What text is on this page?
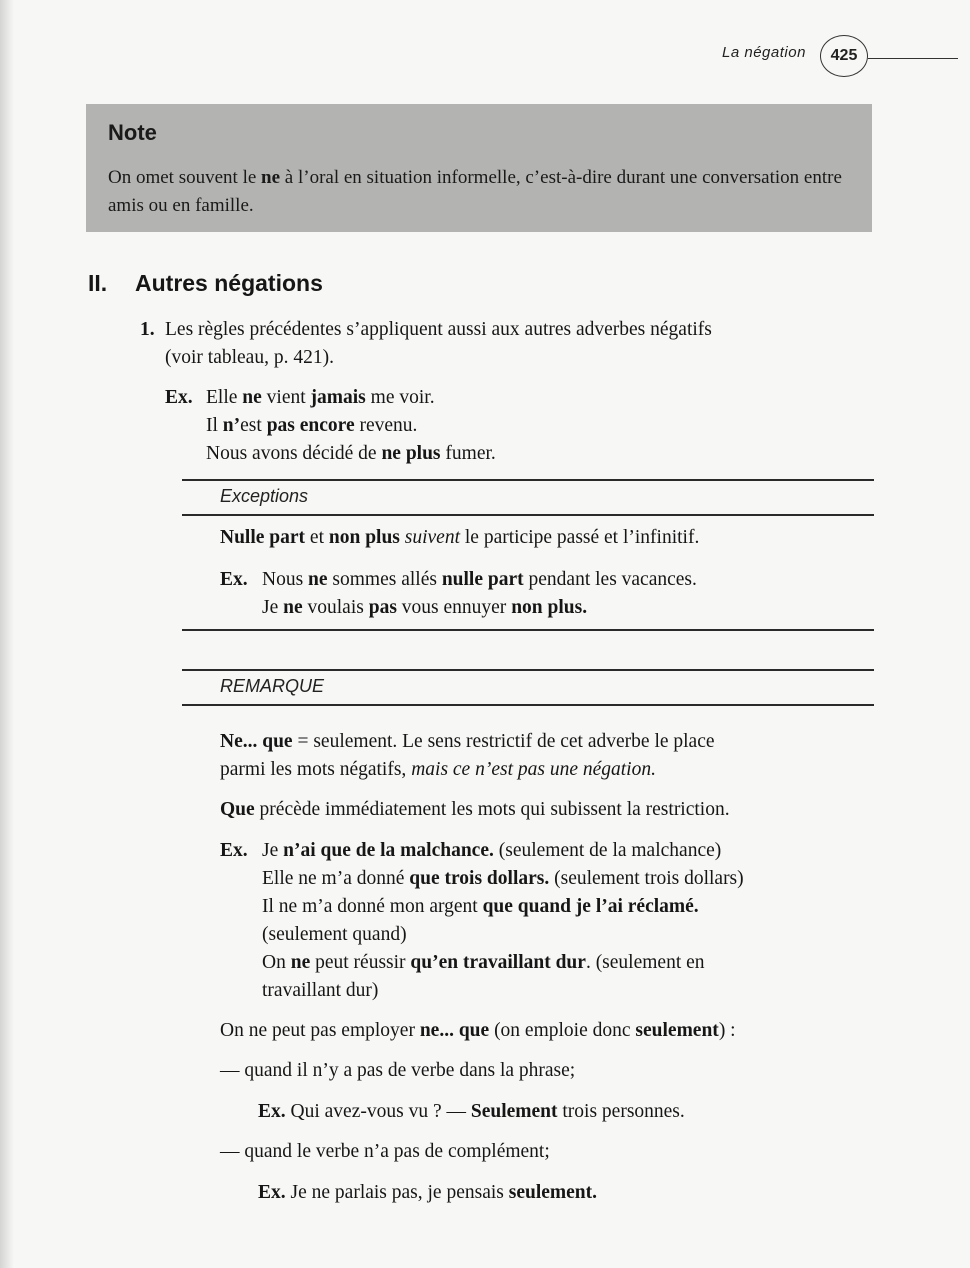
La négation	425
Note
On omet souvent le ne à l’oral en situation informelle, c’est-à-dire durant une conversation entre amis ou en famille.
II. Autres négations
1. Les règles précédentes s’appliquent aussi aux autres adverbes négatifs
(voir tableau, p. 421).
Ex. Elle ne vient jamais me voir.
Il n’est pas encore revenu.
Nous avons décidé de ne plus fumer.
Exceptions
Nulle part et non plus suivent le participe passé et l’infinitif.
Ex. Nous ne sommes allés nulle part pendant les vacances.
Je ne voulais pas vous ennuyer non plus.
REMARQUE
Ne... que = seulement. Le sens restrictif de cet adverbe le place
parmi les mots négatifs, mais ce n’est pas une négation.
Que précède immédiatement les mots qui subissent la restriction.
Ex. Je n’ai que de la malchance. (seulement de la malchance)
Elle ne m’a donné que trois dollars. (seulement trois dollars)
Il ne m’a donné mon argent que quand je l’ai réclamé.
(seulement quand)
On ne peut réussir qu’en travaillant dur. (seulement en
travaillant dur)
On ne peut pas employer ne... que (on emploie donc seulement) :
— quand il n’y a pas de verbe dans la phrase;
Ex. Qui avez-vous vu ? — Seulement trois personnes.
— quand le verbe n’a pas de complément;
Ex. Je ne parlais pas, je pensais seulement.
